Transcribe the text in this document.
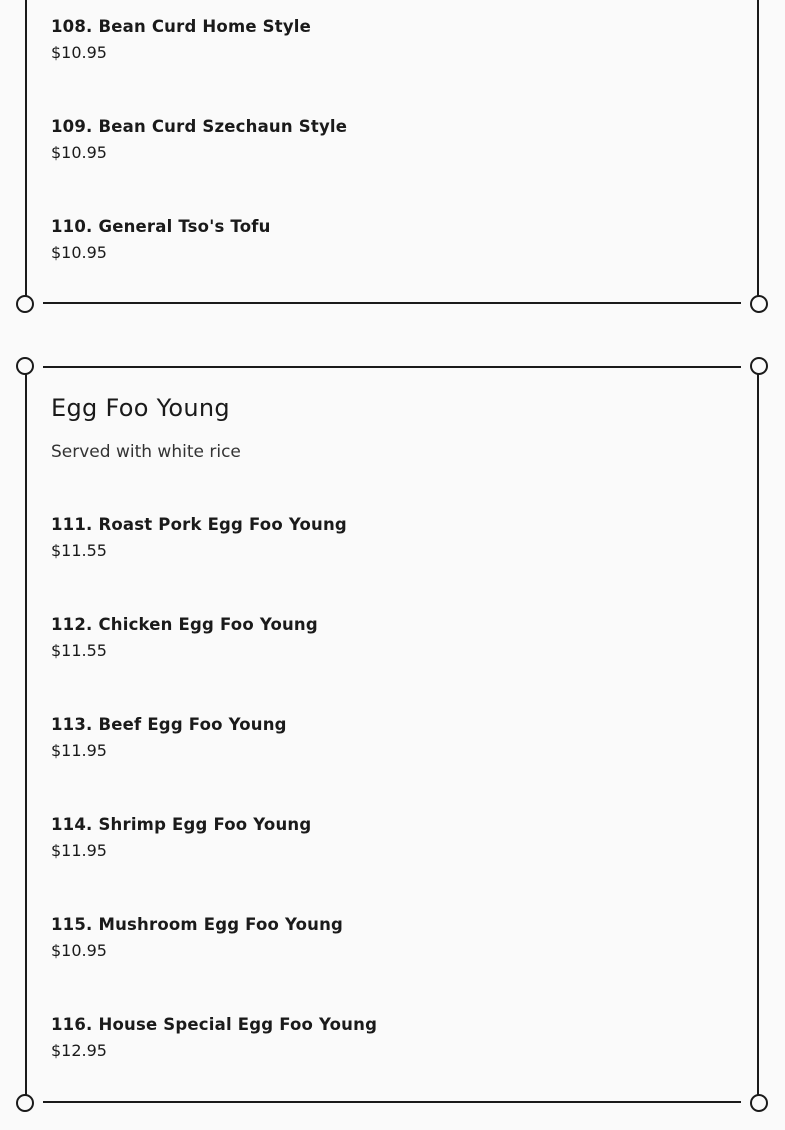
108. Bean Curd Home Style
$10.95
109. Bean Curd Szechaun Style
$10.95
110. General Tso's Tofu
$10.95
Egg Foo Young

Served with white rice

111. Roast Pork Egg Foo Young
$11.55
112. Chicken Egg Foo Young
$11.55
113. Beef Egg Foo Young
$11.95
114. Shrimp Egg Foo Young
$11.95
115. Mushroom Egg Foo Young
$10.95
116. House Special Egg Foo Young
$12.95
